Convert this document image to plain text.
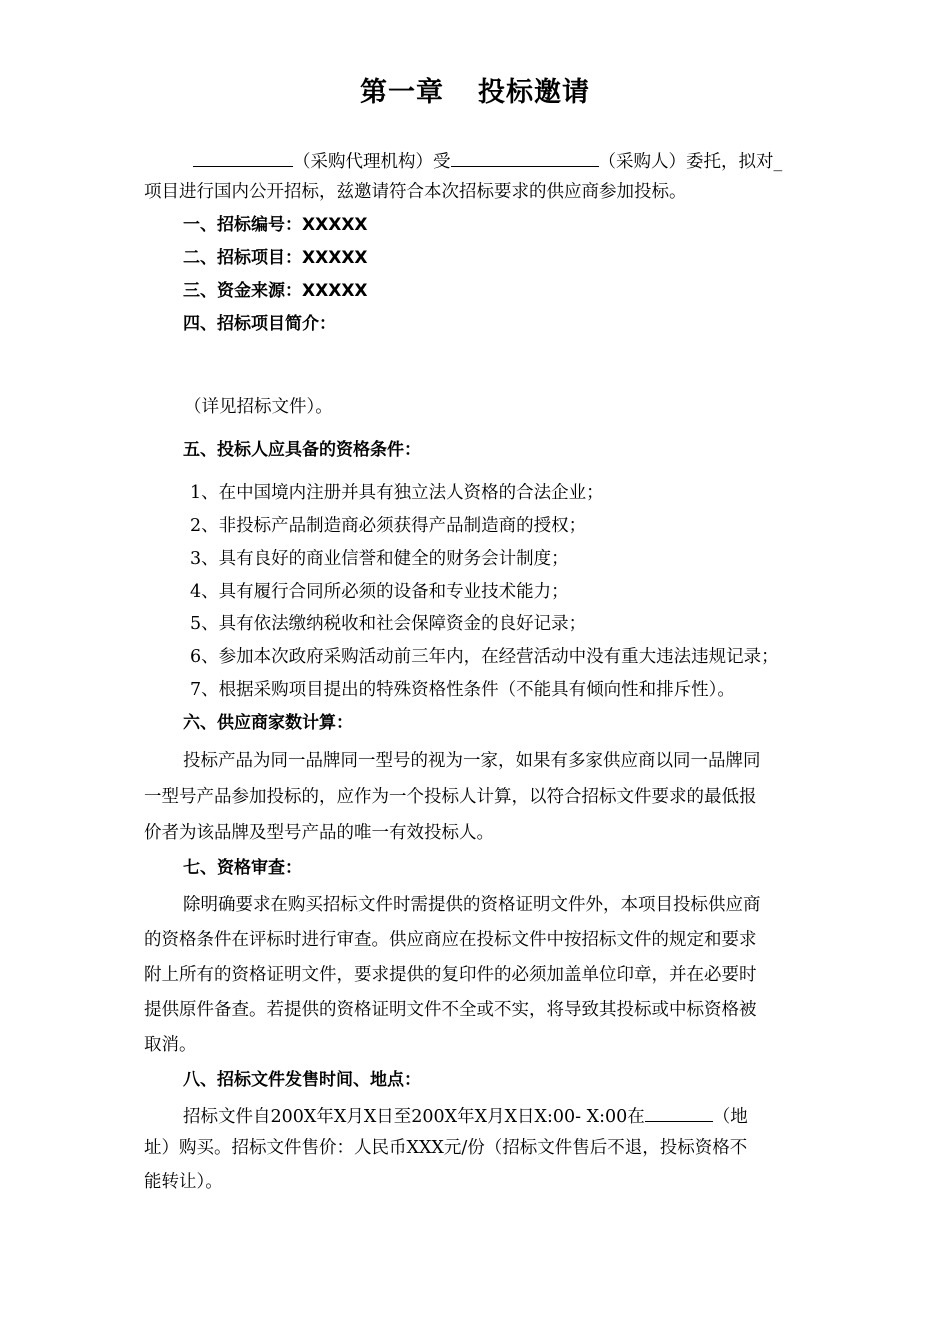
第一章 投标邀请
（采购代理机构）受	（采购人）委托，拟对_
项目进行国内公开招标，兹邀请符合本次招标要求的供应商参加投标。
一、招标编号：XXXXX
二、招标项目：XXXXX
三、资金来源：XXXXX
四、招标项目简介：
（详见招标文件）。
五、投标人应具备的资格条件：
1、在中国境内注册并具有独立法人资格的合法企业；
2、非投标产品制造商必须获得产品制造商的授权；
3、具有良好的商业信誉和健全的财务会计制度；
4、具有履行合同所必须的设备和专业技术能力；
5、具有依法缴纳税收和社会保障资金的良好记录；
6、参加本次政府采购活动前三年内，在经营活动中没有重大违法违规记录；
7、根据采购项目提出的特殊资格性条件（不能具有倾向性和排斥性）。
六、供应商家数计算：
投标产品为同一品牌同一型号的视为一家，如果有多家供应商以同一品牌同
一型号产品参加投标的，应作为一个投标人计算，以符合招标文件要求的最低报
价者为该品牌及型号产品的唯一有效投标人。
七、资格审查：
除明确要求在购买招标文件时需提供的资格证明文件外，本项目投标供应商
的资格条件在评标时进行审查。供应商应在投标文件中按招标文件的规定和要求
附上所有的资格证明文件，要求提供的复印件的必须加盖单位印章，并在必要时
提供原件备查。若提供的资格证明文件不全或不实，将导致其投标或中标资格被
取消。
八、招标文件发售时间、地点：
招标文件自200X年X月X日至200X年X月X日X:00- X:00在	（地
址）购买。招标文件售价：人民币XXX元/份（招标文件售后不退，投标资格不
能转让）。
